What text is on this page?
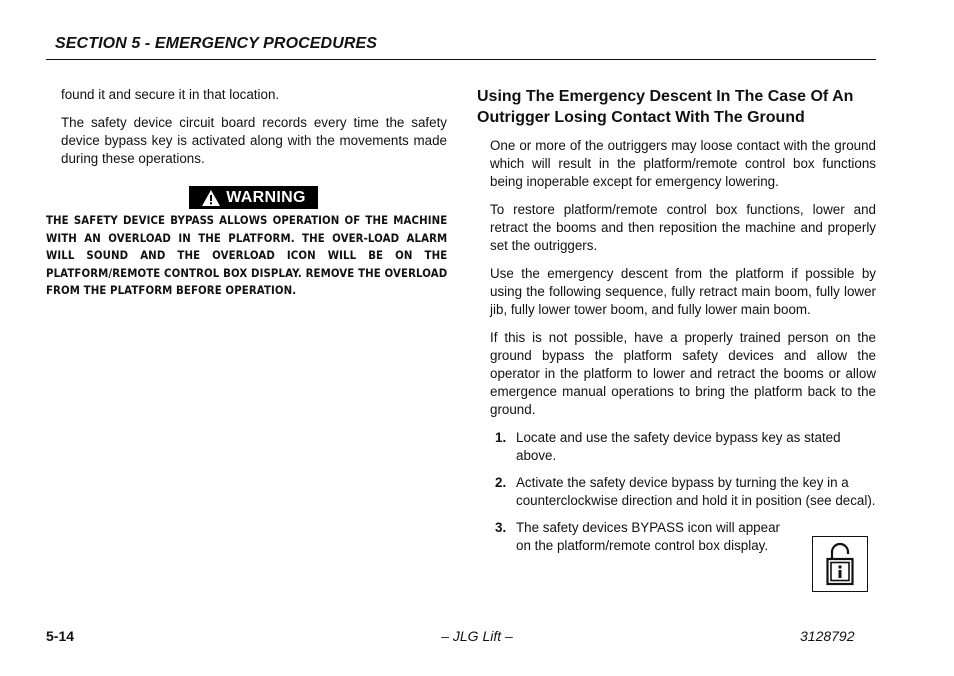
SECTION 5 - EMERGENCY PROCEDURES

found it and secure it in that location.

The safety device circuit board records every time the safety device bypass key is activated along with the movements made during these operations.

WARNING
THE SAFETY DEVICE BYPASS ALLOWS OPERATION OF THE MACHINE WITH AN OVERLOAD IN THE PLATFORM. THE OVER-LOAD ALARM WILL SOUND AND THE OVERLOAD ICON WILL BE ON THE PLATFORM/REMOTE CONTROL BOX DISPLAY. REMOVE THE OVERLOAD FROM THE PLATFORM BEFORE OPERATION.
Using The Emergency Descent In The Case Of An Outrigger Losing Contact With The Ground

One or more of the outriggers may loose contact with the ground which will result in the platform/remote control box functions being inoperable except for emergency lowering.

To restore platform/remote control box functions, lower and retract the booms and then reposition the machine and properly set the outriggers.

Use the emergency descent from the platform if possible by using the following sequence, fully retract main boom, fully lower jib, fully lower tower boom, and fully lower main boom.

If this is not possible, have a properly trained person on the ground bypass the platform safety devices and allow the operator in the platform to lower and retract the booms or allow emergence manual operations to bring the platform back to the ground.

1. Locate and use the safety device bypass key as stated above.
2. Activate the safety device bypass by turning the key in a counterclockwise direction and hold it in position (see decal).
3. The safety devices BYPASS icon will appear on the platform/remote control box display.
5-14	– JLG Lift –	3128792
